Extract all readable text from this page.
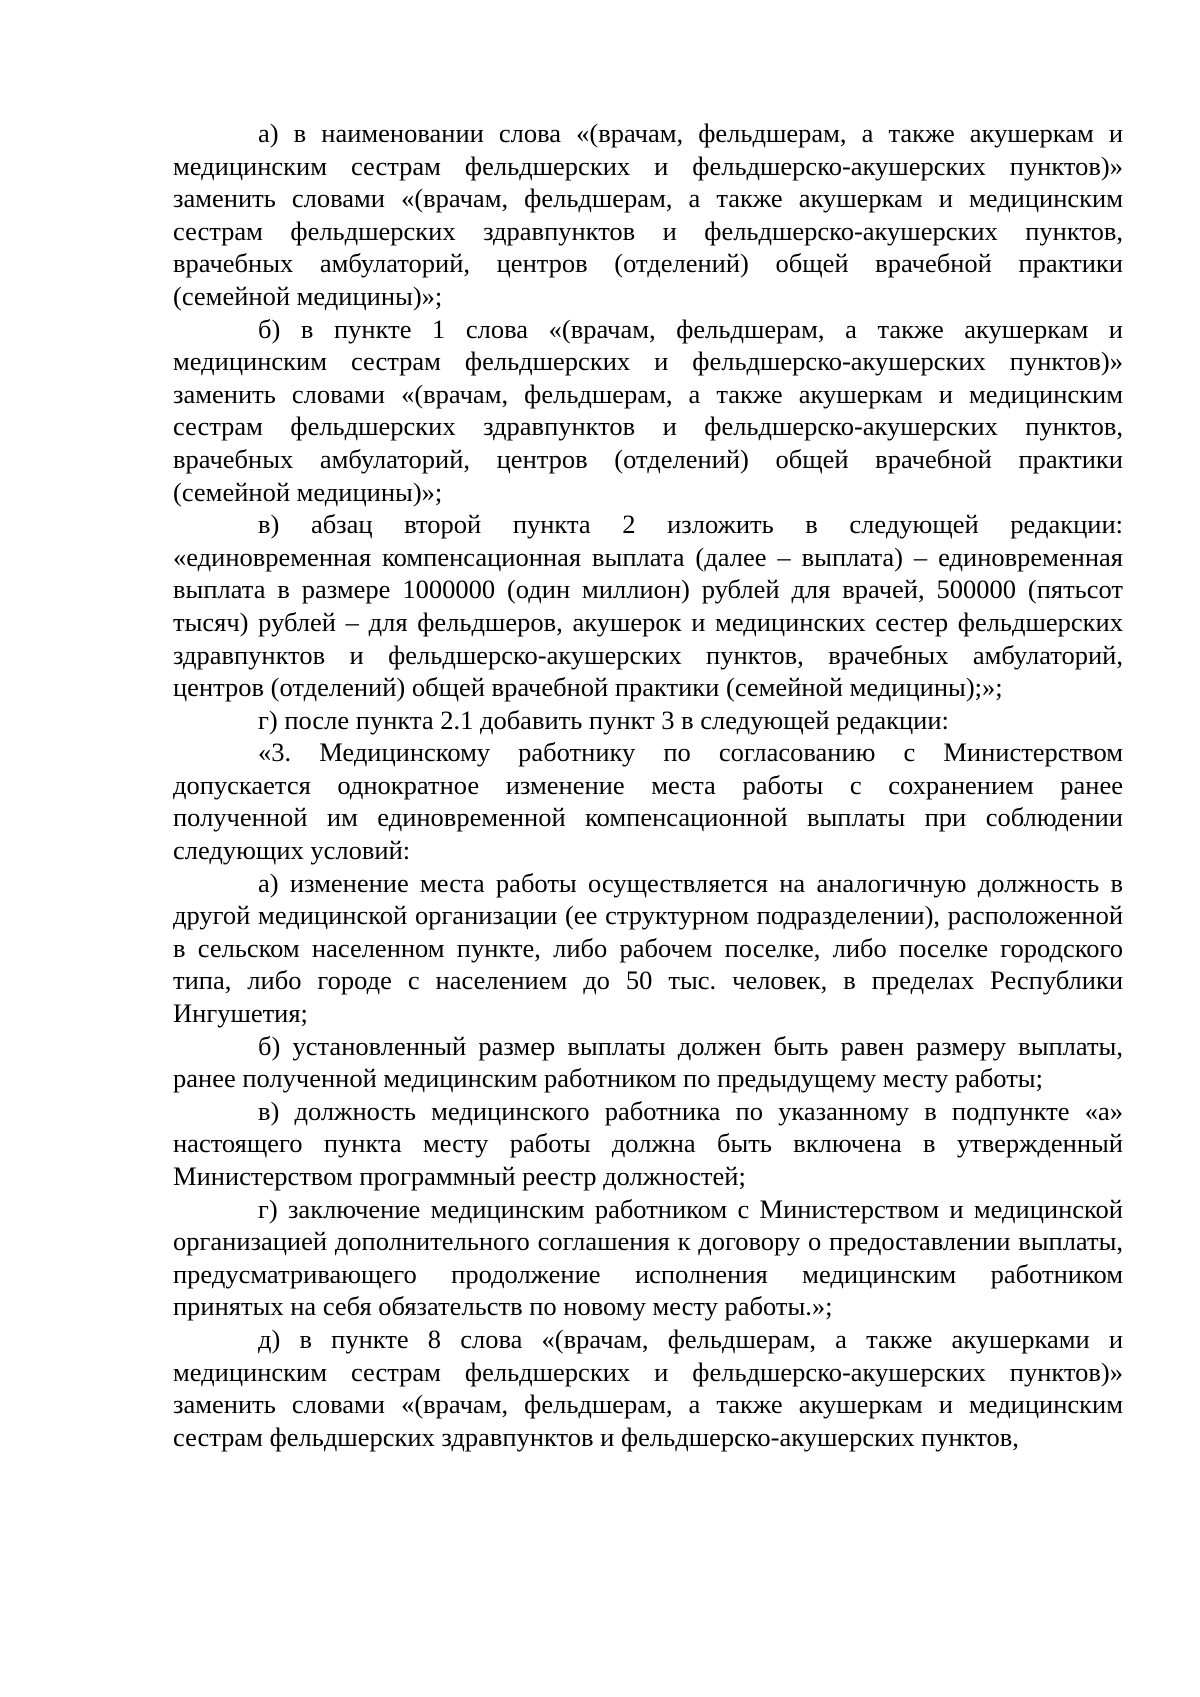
а) в наименовании слова «(врачам, фельдшерам, а также акушеркам и медицинским сестрам фельдшерских и фельдшерско-акушерских пунктов)» заменить словами «(врачам, фельдшерам, а также акушеркам и медицинским сестрам фельдшерских здравпунктов и фельдшерско-акушерских пунктов, врачебных амбулаторий, центров (отделений) общей врачебной практики (семейной медицины)»;

б) в пункте 1 слова «(врачам, фельдшерам, а также акушеркам и медицинским сестрам фельдшерских и фельдшерско-акушерских пунктов)» заменить словами «(врачам, фельдшерам, а также акушеркам и медицинским сестрам фельдшерских здравпунктов и фельдшерско-акушерских пунктов, врачебных амбулаторий, центров (отделений) общей врачебной практики (семейной медицины)»;

в) абзац второй пункта 2 изложить в следующей редакции: «единовременная компенсационная выплата (далее – выплата) – единовременная выплата в размере 1000000 (один миллион) рублей для врачей, 500000 (пятьсот тысяч) рублей – для фельдшеров, акушерок и медицинских сестер фельдшерских здравпунктов и фельдшерско-акушерских пунктов, врачебных амбулаторий, центров (отделений) общей врачебной практики (семейной медицины);»;

г) после пункта 2.1 добавить пункт 3 в следующей редакции:

«3. Медицинскому работнику по согласованию с Министерством допускается однократное изменение места работы с сохранением ранее полученной им единовременной компенсационной выплаты при соблюдении следующих условий:

а) изменение места работы осуществляется на аналогичную должность в другой медицинской организации (ее структурном подразделении), расположенной в сельском населенном пункте, либо рабочем поселке, либо поселке городского типа, либо городе с населением до 50 тыс. человек, в пределах Республики Ингушетия;

б) установленный размер выплаты должен быть равен размеру выплаты, ранее полученной медицинским работником по предыдущему месту работы;

в) должность медицинского работника по указанному в подпункте «а» настоящего пункта месту работы должна быть включена в утвержденный Министерством программный реестр должностей;

г) заключение медицинским работником с Министерством и медицинской организацией дополнительного соглашения к договору о предоставлении выплаты, предусматривающего продолжение исполнения медицинским работником принятых на себя обязательств по новому месту работы.»;

д) в пункте 8 слова «(врачам, фельдшерам, а также акушерками и медицинским сестрам фельдшерских и фельдшерско-акушерских пунктов)» заменить словами «(врачам, фельдшерам, а также акушеркам и медицинским сестрам фельдшерских здравпунктов и фельдшерско-акушерских пунктов,
